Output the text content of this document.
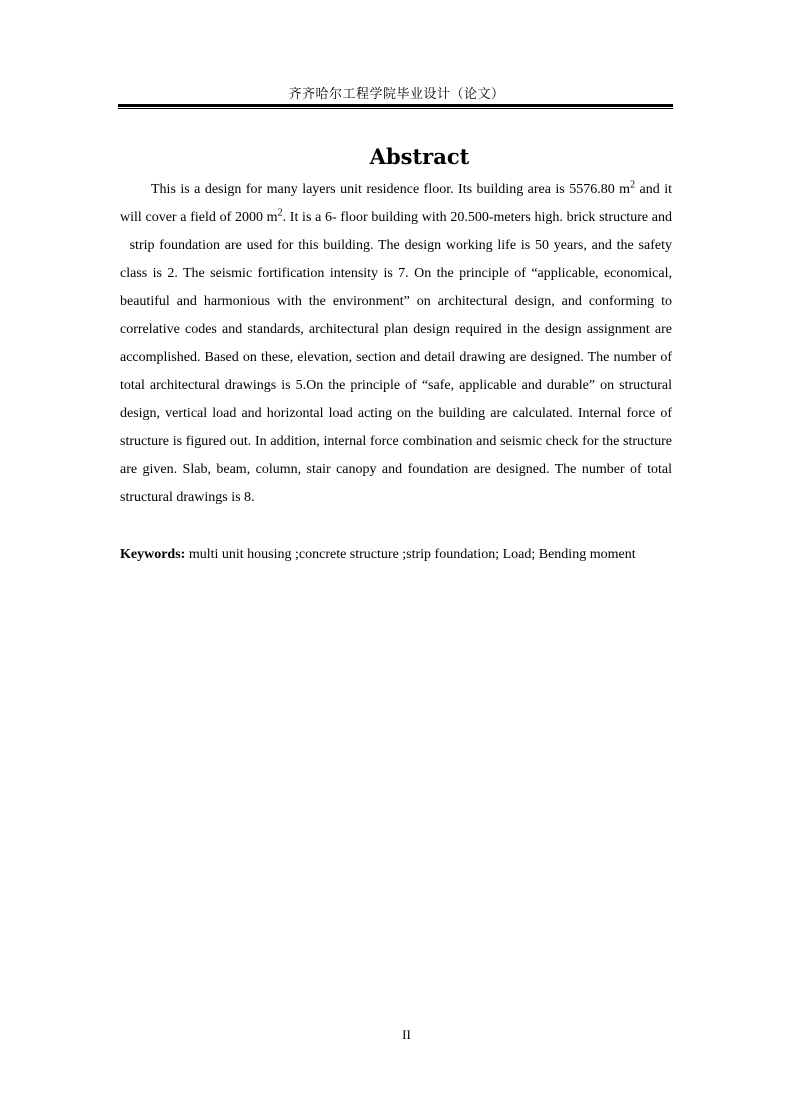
齐齐哈尔工程学院毕业设计（论文）
Abstract

This is a design for many layers unit residence floor. Its building area is 5576.80 $m^2$ and it will cover a field of 2000 $m^2$. It is a 6- floor building with 20.500-meters high. brick structure and   strip foundation are used for this building. The design working life is 50 years, and the safety class is 2. The seismic fortification intensity is 7. On the principle of “applicable, economical, beautiful and harmonious with the environment” on architectural design, and conforming to correlative codes and standards, architectural plan design required in the design assignment are accomplished. Based on these, elevation, section and detail drawing are designed. The number of total architectural drawings is 5.On the principle of “safe, applicable and durable” on structural design, vertical load and horizontal load acting on the building are calculated. Internal force of structure is figured out. In addition, internal force combination and seismic check for the structure are given. Slab, beam, column, stair canopy and foundation are designed. The number of total structural drawings is 8.

Keywords: multi unit housing ;concrete structure ;strip foundation; Load; Bending moment

II
